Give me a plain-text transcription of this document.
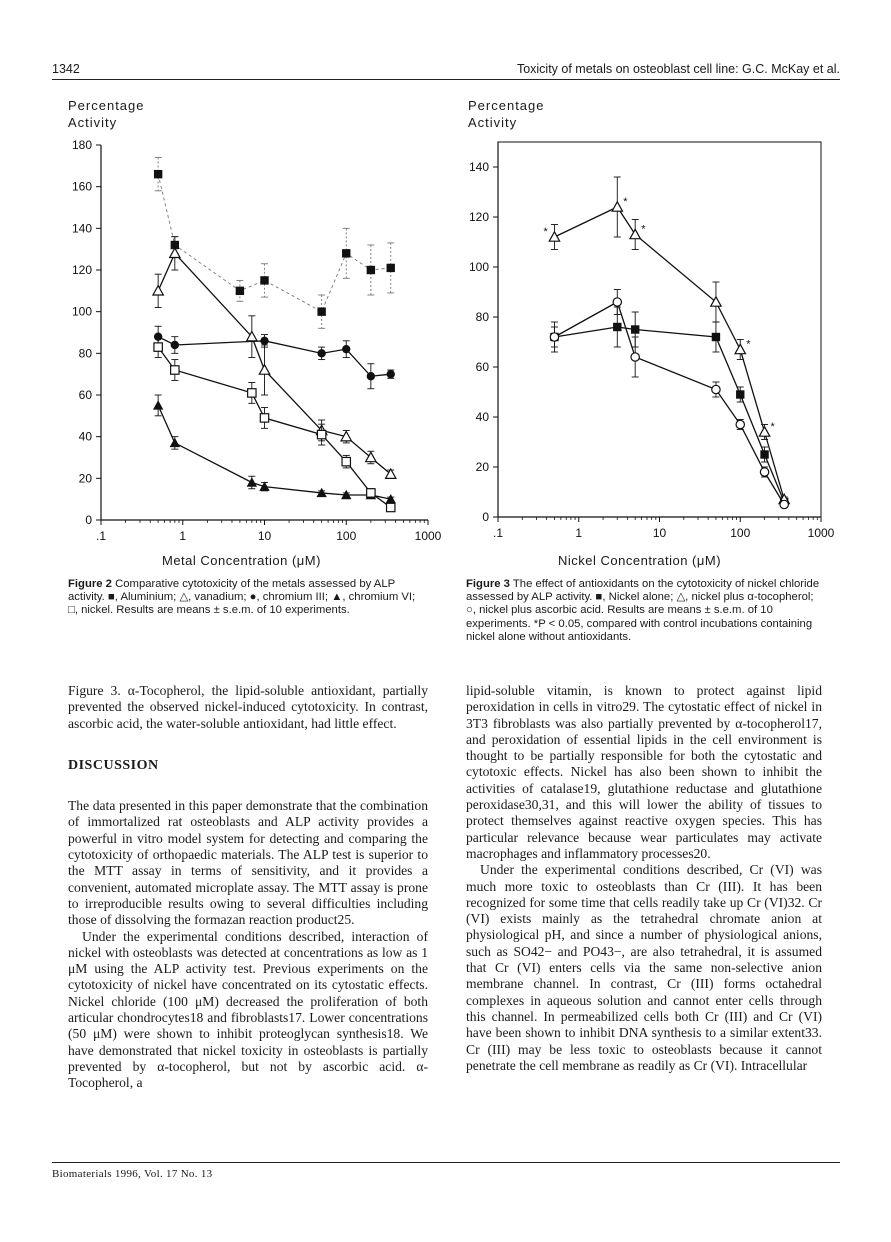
1342	Toxicity of metals on osteoblast cell line: G.C. McKay et al.
Percentage
Activity
0
20
40
60
80
100
120
140
160
180
.1	1	10	100	1000
Metal Concentration (μM)
Figure 2 Comparative cytotoxicity of the metals assessed by ALP activity. ■, Aluminium; △, vanadium; ●, chromium III; ▲, chromium VI; □, nickel. Results are means ± s.e.m. of 10 experiments.
Percentage
Activity
0
20
40
60
80
100
120
140
.1	1	10	100	1000
*
*
*
*
*
Nickel Concentration (μM)
Figure 3 The effect of antioxidants on the cytotoxicity of nickel chloride assessed by ALP activity. ■, Nickel alone; △, nickel plus α-tocopherol; ○, nickel plus ascorbic acid. Results are means ± s.e.m. of 10 experiments. *P < 0.05, compared with control incubations containing nickel alone without antioxidants.

Figure 3. α-Tocopherol, the lipid-soluble antioxidant, partially prevented the observed nickel-induced cytotoxicity. In contrast, ascorbic acid, the water-soluble antioxidant, had little effect.

DISCUSSION

The data presented in this paper demonstrate that the combination of immortalized rat osteoblasts and ALP activity provides a powerful in vitro model system for detecting and comparing the cytotoxicity of orthopaedic materials. The ALP test is superior to the MTT assay in terms of sensitivity, and it provides a convenient, automated microplate assay. The MTT assay is prone to irreproducible results owing to several difficulties including those of dissolving the formazan reaction product25.

Under the experimental conditions described, interaction of nickel with osteoblasts was detected at concentrations as low as 1 μM using the ALP activity test. Previous experiments on the cytotoxicity of nickel have concentrated on its cytostatic effects. Nickel chloride (100 μM) decreased the proliferation of both articular chondrocytes18 and fibroblasts17. Lower concentrations (50 μM) were shown to inhibit proteoglycan synthesis18. We have demonstrated that nickel toxicity in osteoblasts is partially prevented by α-tocopherol, but not by ascorbic acid. α-Tocopherol, a

lipid-soluble vitamin, is known to protect against lipid peroxidation in cells in vitro29. The cytostatic effect of nickel in 3T3 fibroblasts was also partially prevented by α-tocopherol17, and peroxidation of essential lipids in the cell environment is thought to be partially responsible for both the cytostatic and cytotoxic effects. Nickel has also been shown to inhibit the activities of catalase19, glutathione reductase and glutathione peroxidase30,31, and this will lower the ability of tissues to protect themselves against reactive oxygen species. This has particular relevance because wear particulates may activate macrophages and inflammatory processes20.

Under the experimental conditions described, Cr (VI) was much more toxic to osteoblasts than Cr (III). It has been recognized for some time that cells readily take up Cr (VI)32. Cr (VI) exists mainly as the tetrahedral chromate anion at physiological pH, and since a number of physiological anions, such as SO42− and PO43−, are also tetrahedral, it is assumed that Cr (VI) enters cells via the same non-selective anion membrane channel. In contrast, Cr (III) forms octahedral complexes in aqueous solution and cannot enter cells through this channel. In permeabilized cells both Cr (III) and Cr (VI) have been shown to inhibit DNA synthesis to a similar extent33. Cr (III) may be less toxic to osteoblasts because it cannot penetrate the cell membrane as readily as Cr (VI). Intracellular

Biomaterials 1996, Vol. 17 No. 13
